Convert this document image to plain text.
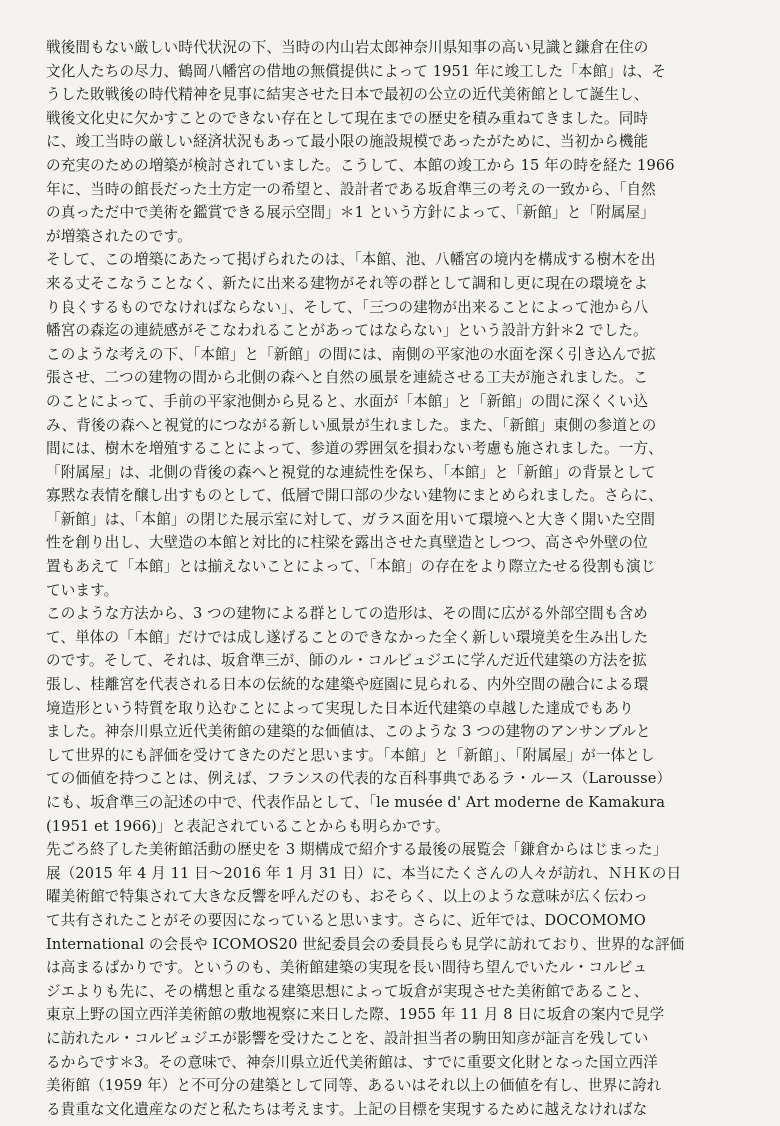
戦後間もない厳しい時代状況の下、当時の内山岩太郎神奈川県知事の高い見識と鎌倉在住の
文化人たちの尽力、鶴岡八幡宮の借地の無償提供によって 1951 年に竣工した「本館」は、そ
うした敗戦後の時代精神を見事に結実させた日本で最初の公立の近代美術館として誕生し、
戦後文化史に欠かすことのできない存在として現在までの歴史を積み重ねてきました。同時
に、竣工当時の厳しい経済状況もあって最小限の施設規模であったがために、当初から機能
の充実のための増築が検討されていました。こうして、本館の竣工から 15 年の時を経た 1966
年に、当時の館長だった土方定一の希望と、設計者である坂倉準三の考えの一致から、「自然
の真っただ中で美術を鑑賞できる展示空間」＊1 という方針によって、「新館」と「附属屋」
が増築されたのです。
そして、この増築にあたって掲げられたのは、「本館、池、八幡宮の境内を構成する樹木を出
来る丈そこなうことなく、新たに出来る建物がそれ等の群として調和し更に現在の環境をよ
り良くするものでなければならない」、そして、「三つの建物が出来ることによって池から八
幡宮の森迄の連続感がそこなわれることがあってはならない」という設計方針＊2 でした。
このような考えの下、「本館」と「新館」の間には、南側の平家池の水面を深く引き込んで拡
張させ、二つの建物の間から北側の森へと自然の風景を連続させる工夫が施されました。こ
のことによって、手前の平家池側から見ると、水面が「本館」と「新館」の間に深くくい込
み、背後の森へと視覚的につながる新しい風景が生れました。また、「新館」東側の参道との
間には、樹木を増殖することによって、参道の雰囲気を損わない考慮も施されました。一方、
「附属屋」は、北側の背後の森へと視覚的な連続性を保ち、「本館」と「新館」の背景として
寡黙な表情を醸し出すものとして、低層で開口部の少ない建物にまとめられました。さらに、
「新館」は、「本館」の閉じた展示室に対して、ガラス面を用いて環境へと大きく開いた空間
性を創り出し、大壁造の本館と対比的に柱梁を露出させた真壁造としつつ、高さや外壁の位
置もあえて「本館」とは揃えないことによって、「本館」の存在をより際立たせる役割も演じ
ています。
このような方法から、3 つの建物による群としての造形は、その間に広がる外部空間も含め
て、単体の「本館」だけでは成し遂げることのできなかった全く新しい環境美を生み出した
のです。そして、それは、坂倉準三が、師のル・コルビュジエに学んだ近代建築の方法を拡
張し、桂離宮を代表される日本の伝統的な建築や庭園に見られる、内外空間の融合による環
境造形という特質を取り込むことによって実現した日本近代建築の卓越した達成でもあり
ました。神奈川県立近代美術館の建築的な価値は、このような 3 つの建物のアンサンブルと
して世界的にも評価を受けてきたのだと思います。「本館」と「新館」、「附属屋」が一体とし
ての価値を持つことは、例えば、フランスの代表的な百科事典であるラ・ルース（Larousse）
にも、坂倉準三の記述の中で、代表作品として、「le musée d' Art moderne de Kamakura
(1951 et 1966)」と表記されていることからも明らかです。
先ごろ終了した美術館活動の歴史を 3 期構成で紹介する最後の展覧会「鎌倉からはじまった」
展（2015 年 4 月 11 日～2016 年 1 月 31 日）に、本当にたくさんの人々が訪れ、ＮＨＫの日
曜美術館で特集されて大きな反響を呼んだのも、おそらく、以上のような意味が広く伝わっ
て共有されたことがその要因になっていると思います。さらに、近年では、DOCOMOMO
International の会長や ICOMOS20 世紀委員会の委員長らも見学に訪れており、世界的な評価
は高まるばかりです。というのも、美術館建築の実現を長い間待ち望んでいたル・コルビュ
ジエよりも先に、その構想と重なる建築思想によって坂倉が実現させた美術館であること、
東京上野の国立西洋美術館の敷地視察に来日した際、1955 年 11 月 8 日に坂倉の案内で見学
に訪れたル・コルビュジエが影響を受けたことを、設計担当者の駒田知彦が証言を残してい
るからです＊3。その意味で、神奈川県立近代美術館は、すでに重要文化財となった国立西洋
美術館（1959 年）と不可分の建築として同等、あるいはそれ以上の価値を有し、世界に誇れ
る貴重な文化遺産なのだと私たちは考えます。上記の目標を実現するために越えなければな
